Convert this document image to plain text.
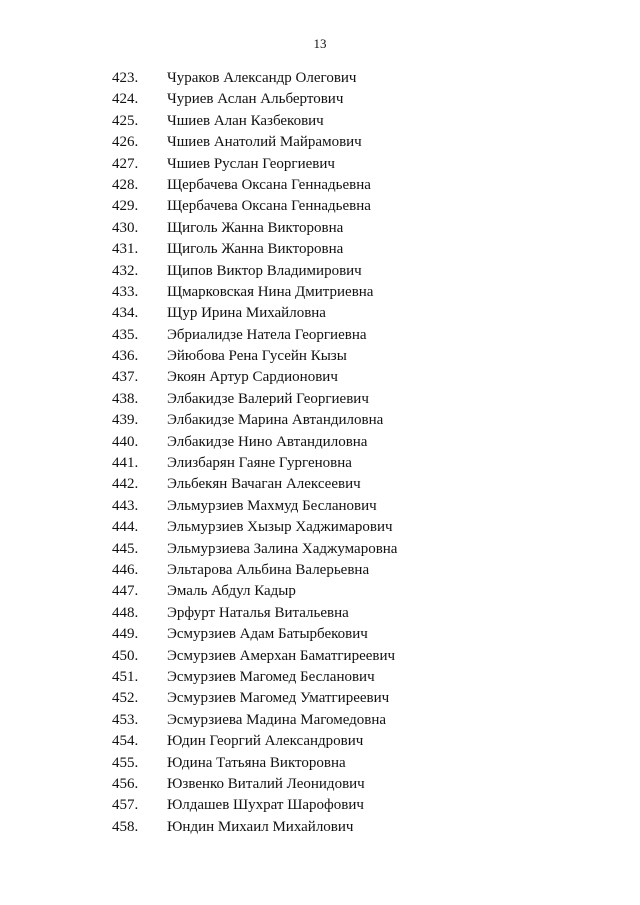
13
423. Чураков Александр Олегович
424. Чуриев Аслан Альбертович
425. Чшиев Алан Казбекович
426. Чшиев Анатолий Майрамович
427. Чшиев Руслан Георгиевич
428. Щербачева Оксана Геннадьевна
429. Щербачева Оксана Геннадьевна
430. Щиголь Жанна Викторовна
431. Щиголь Жанна Викторовна
432. Щипов Виктор Владимирович
433. Щмарковская Нина Дмитриевна
434. Щур Ирина Михайловна
435. Эбриалидзе Натела Георгиевна
436. Эйюбова Рена Гусейн Кызы
437. Экоян Артур Сардионович
438. Элбакидзе Валерий Георгиевич
439. Элбакидзе Марина Автандиловна
440. Элбакидзе Нино Автандиловна
441. Элизбарян Гаяне Гургеновна
442. Эльбекян Вачаган Алексеевич
443. Эльмурзиев Махмуд Бесланович
444. Эльмурзиев Хызыр Хаджимарович
445. Эльмурзиева Залина Хаджумаровна
446. Эльтарова Альбина Валерьевна
447. Эмаль Абдул Кадыр
448. Эрфурт Наталья Витальевна
449. Эсмурзиев Адам Батырбекович
450. Эсмурзиев Амерхан Баматгиреевич
451. Эсмурзиев Магомед Бесланович
452. Эсмурзиев Магомед Уматгиреевич
453. Эсмурзиева Мадина Магомедовна
454. Юдин Георгий Александрович
455. Юдина Татьяна Викторовна
456. Юзвенко Виталий Леонидович
457. Юлдашев Шухрат Шарофович
458. Юндин Михаил Михайлович
